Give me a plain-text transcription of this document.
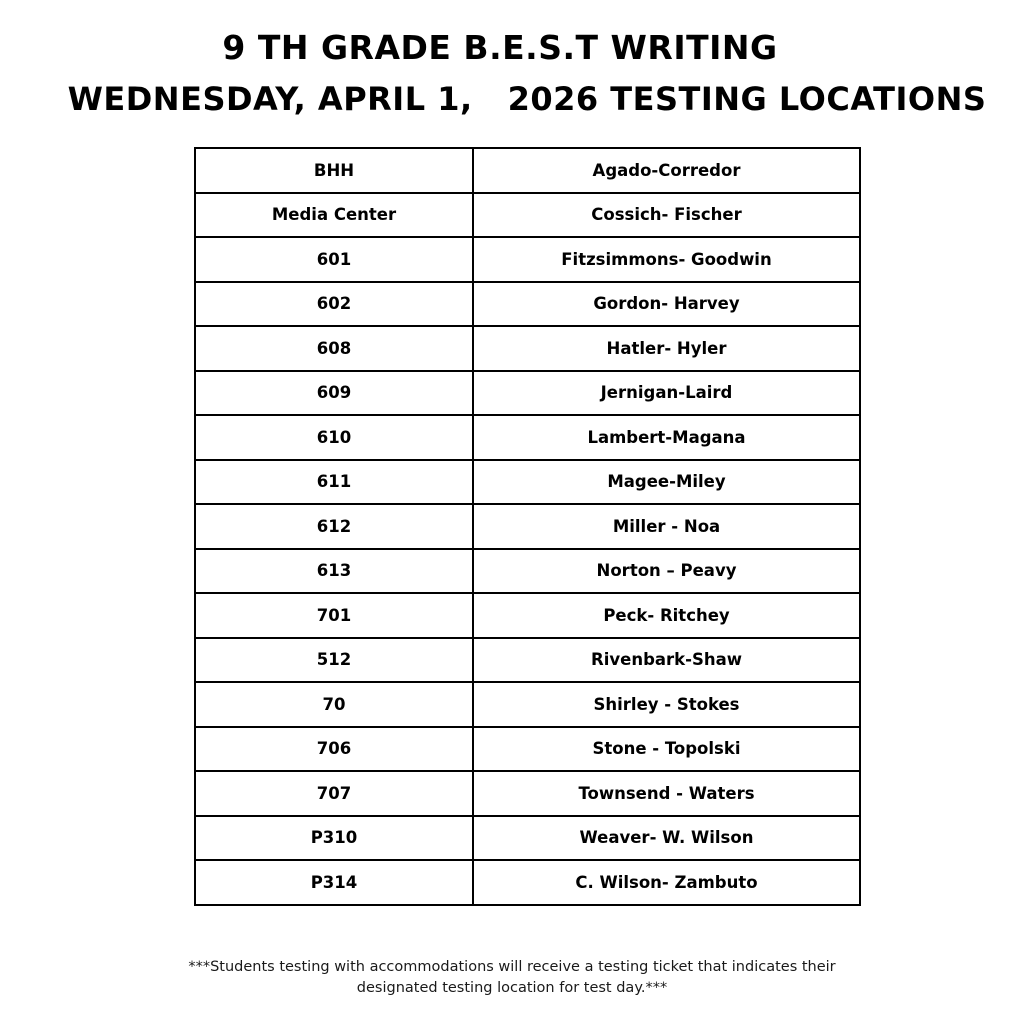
9 TH GRADE B.E.S.T WRITING
WEDNESDAY, APRIL 1,   2026 TESTING LOCATIONS
BHH	Agado-Corredor
Media Center	Cossich- Fischer
601	Fitzsimmons- Goodwin
602	Gordon- Harvey
608	Hatler- Hyler
609	Jernigan-Laird
610	Lambert-Magana
611	Magee-Miley
612	Miller - Noa
613	Norton – Peavy
701	Peck- Ritchey
512	Rivenbark-Shaw
70	Shirley - Stokes
706	Stone - Topolski
707	Townsend - Waters
P310	Weaver- W. Wilson
P314	C. Wilson- Zambuto
***Students testing with accommodations will receive a testing ticket that indicates their
designated testing location for test day.***
